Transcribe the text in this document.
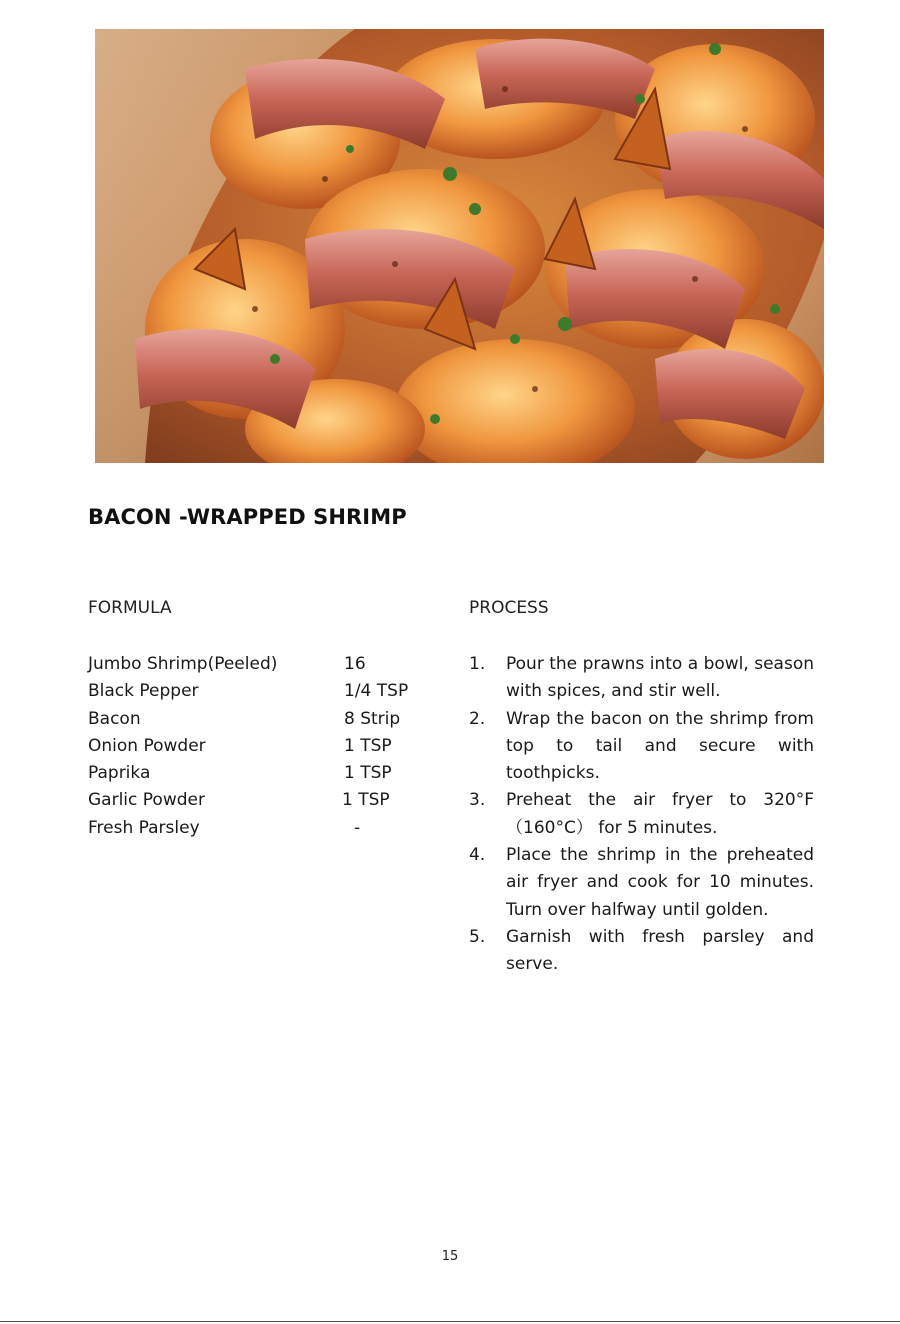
BACON -WRAPPED SHRIMP
FORMULA	PROCESS
Jumbo Shrimp(Peeled)	16
Black Pepper	1/4 TSP
Bacon	8 Strip
Onion Powder	1 TSP
Paprika	1 TSP
Garlic Powder	1 TSP
Fresh Parsley	-
1. Pour the prawns into a bowl, season with spices, and stir well.
2. Wrap the bacon on the shrimp from top to tail and secure with toothpicks.
3. Preheat the air fryer to 320°F （160°C） for 5 minutes.
4. Place the shrimp in the preheated air fryer and cook for 10 minutes. Turn over halfway until golden.
5. Garnish with fresh parsley and serve.
15
